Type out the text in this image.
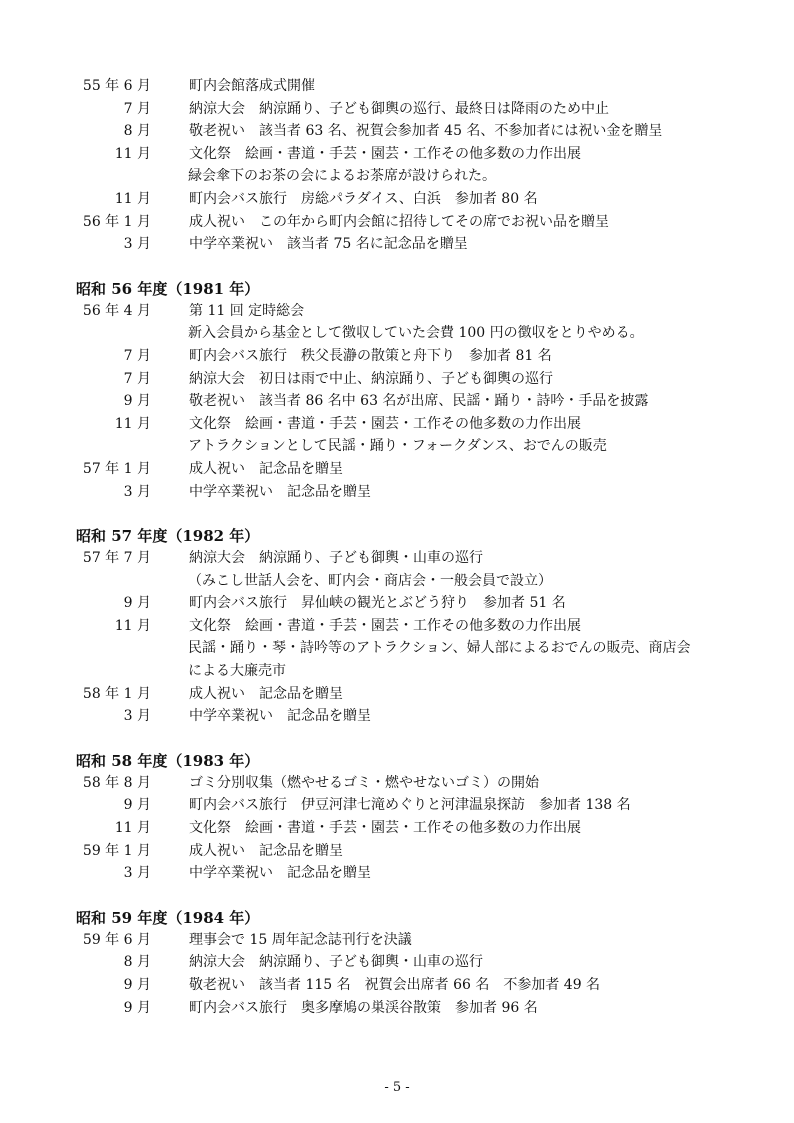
55 年 6 月	町内会館落成式開催
7 月	納涼大会　納涼踊り、子ども御輿の巡行、最終日は降雨のため中止
8 月	敬老祝い　該当者 63 名、祝賀会参加者 45 名、不参加者には祝い金を贈呈
11 月	文化祭　絵画・書道・手芸・園芸・工作その他多数の力作出展
緑会傘下のお茶の会によるお茶席が設けられた。
11 月	町内会バス旅行　房総パラダイス、白浜　参加者 80 名
56 年 1 月	成人祝い　この年から町内会館に招待してその席でお祝い品を贈呈
3 月	中学卒業祝い　該当者 75 名に記念品を贈呈
昭和 56 年度（1981 年）
56 年 4 月	第 11 回 定時総会
新入会員から基金として徴収していた会費 100 円の徴収をとりやめる。
7 月	町内会バス旅行　秩父長瀞の散策と舟下り　参加者 81 名
7 月	納涼大会　初日は雨で中止、納涼踊り、子ども御輿の巡行
9 月	敬老祝い　該当者 86 名中 63 名が出席、民謡・踊り・詩吟・手品を披露
11 月	文化祭　絵画・書道・手芸・園芸・工作その他多数の力作出展
アトラクションとして民謡・踊り・フォークダンス、おでんの販売
57 年 1 月	成人祝い　記念品を贈呈
3 月	中学卒業祝い　記念品を贈呈
昭和 57 年度（1982 年）
57 年 7 月	納涼大会　納涼踊り、子ども御輿・山車の巡行
（みこし世話人会を、町内会・商店会・一般会員で設立）
9 月	町内会バス旅行　昇仙峡の観光とぶどう狩り　参加者 51 名
11 月	文化祭　絵画・書道・手芸・園芸・工作その他多数の力作出展
民謡・踊り・琴・詩吟等のアトラクション、婦人部によるおでんの販売、商店会
による大廉売市
58 年 1 月	成人祝い　記念品を贈呈
3 月	中学卒業祝い　記念品を贈呈
昭和 58 年度（1983 年）
58 年 8 月	ゴミ分別収集（燃やせるゴミ・燃やせないゴミ）の開始
9 月	町内会バス旅行　伊豆河津七滝めぐりと河津温泉探訪　参加者 138 名
11 月	文化祭　絵画・書道・手芸・園芸・工作その他多数の力作出展
59 年 1 月	成人祝い　記念品を贈呈
3 月	中学卒業祝い　記念品を贈呈
昭和 59 年度（1984 年）
59 年 6 月	理事会で 15 周年記念誌刊行を決議
8 月	納涼大会　納涼踊り、子ども御輿・山車の巡行
9 月	敬老祝い　該当者 115 名　祝賀会出席者 66 名　不参加者 49 名
9 月	町内会バス旅行　奥多摩鳩の巣渓谷散策　参加者 96 名
- 5 -
